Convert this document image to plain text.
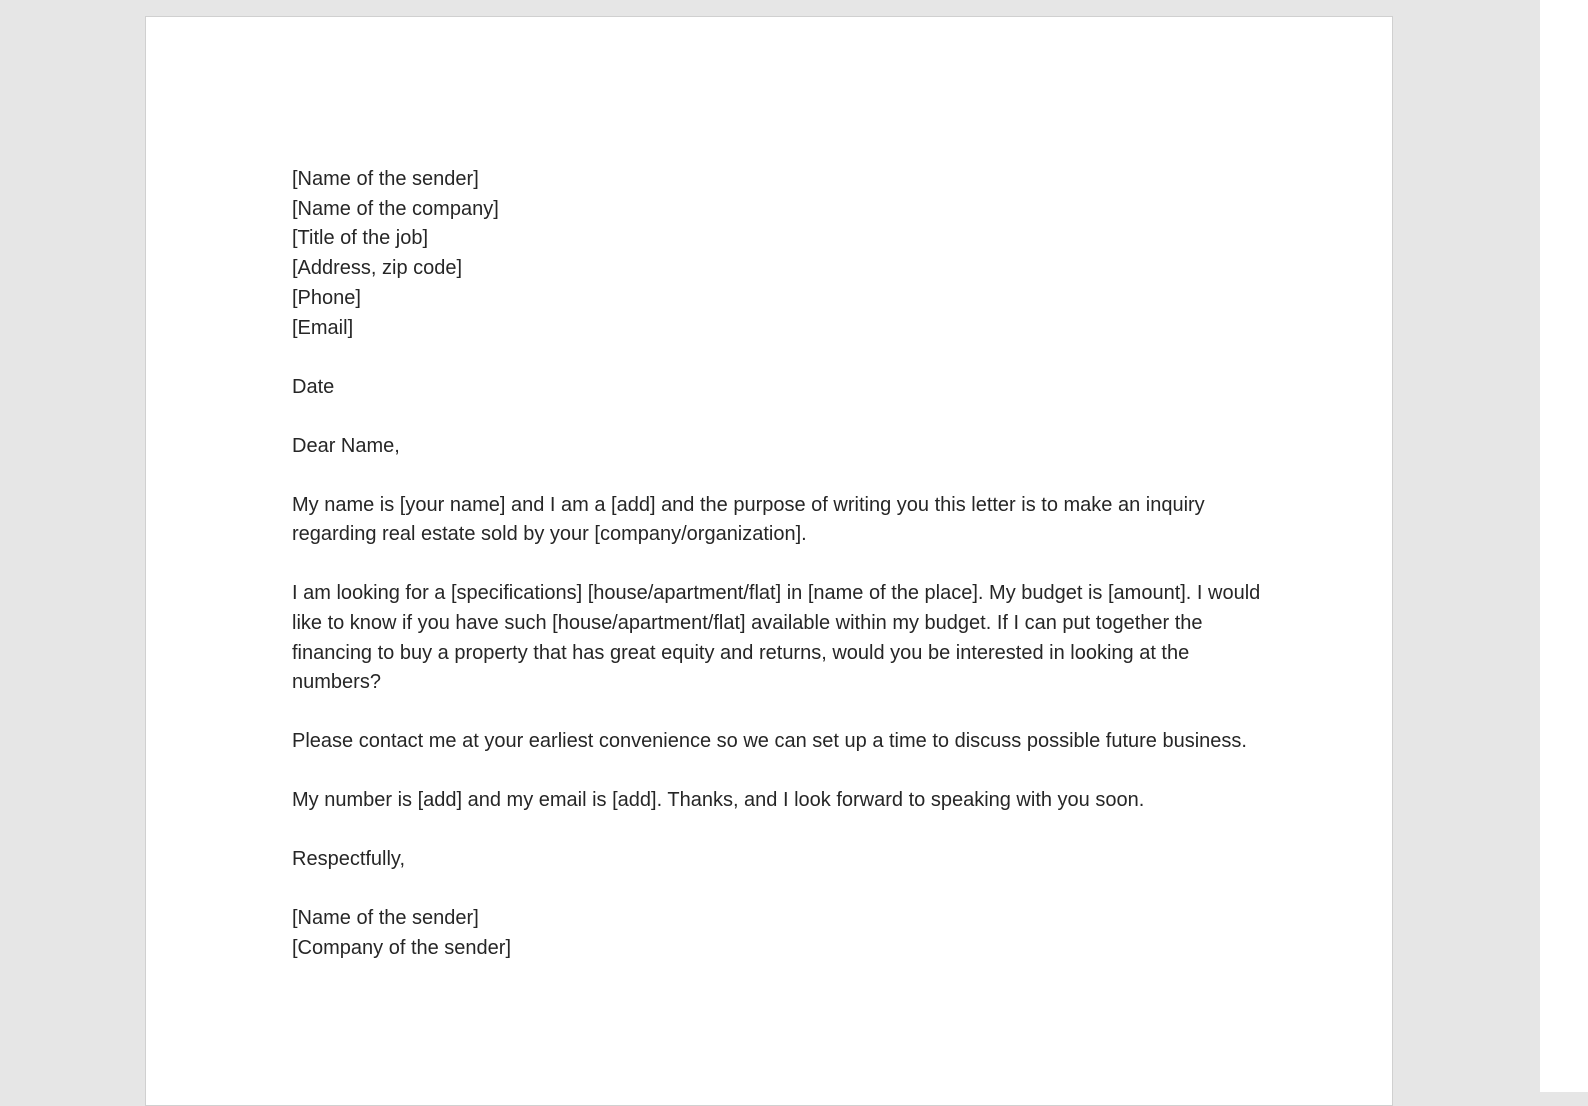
[Name of the sender]
[Name of the company]
[Title of the job]
[Address, zip code]
[Phone]
[Email]
Date
Dear Name,

My name is [your name] and I am a [add] and the purpose of writing you this letter is to make an inquiry regarding real estate sold by your [company/organization].

I am looking for a [specifications] [house/apartment/flat] in [name of the place]. My budget is [amount]. I would like to know if you have such [house/apartment/flat] available within my budget. If I can put together the financing to buy a property that has great equity and returns, would you be interested in looking at the numbers?

Please contact me at your earliest convenience so we can set up a time to discuss possible future business.

My number is [add] and my email is [add]. Thanks, and I look forward to speaking with you soon.

Respectfully,
[Name of the sender]
[Company of the sender]
